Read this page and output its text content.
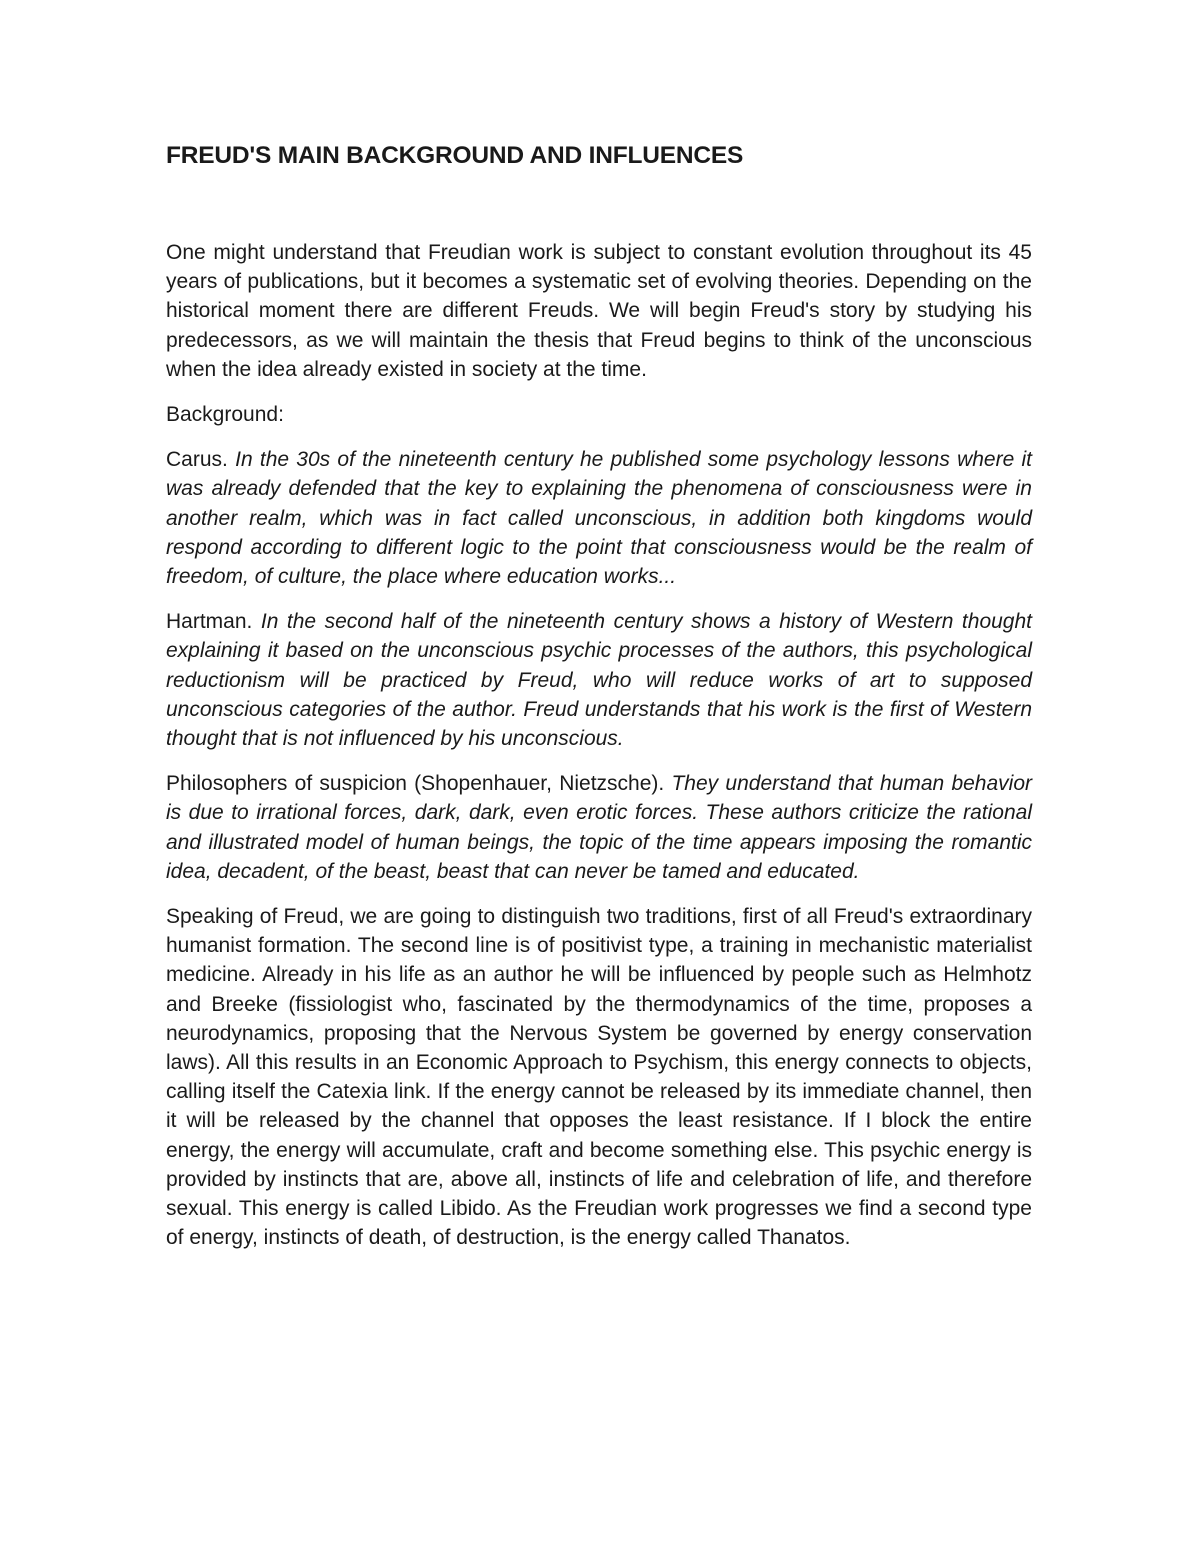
FREUD'S MAIN BACKGROUND AND INFLUENCES

One might understand that Freudian work is subject to constant evolution throughout its 45 years of publications, but it becomes a systematic set of evolving theories. Depending on the historical moment there are different Freuds. We will begin Freud's story by studying his predecessors, as we will maintain the thesis that Freud begins to think of the unconscious when the idea already existed in society at the time.

Background:

Carus. In the 30s of the nineteenth century he published some psychology lessons where it was already defended that the key to explaining the phenomena of consciousness were in another realm, which was in fact called unconscious, in addition both kingdoms would respond according to different logic to the point that consciousness would be the realm of freedom, of culture, the place where education works...

Hartman. In the second half of the nineteenth century shows a history of Western thought explaining it based on the unconscious psychic processes of the authors, this psychological reductionism will be practiced by Freud, who will reduce works of art to supposed unconscious categories of the author. Freud understands that his work is the first of Western thought that is not influenced by his unconscious.

Philosophers of suspicion (Shopenhauer, Nietzsche). They understand that human behavior is due to irrational forces, dark, dark, even erotic forces. These authors criticize the rational and illustrated model of human beings, the topic of the time appears imposing the romantic idea, decadent, of the beast, beast that can never be tamed and educated.

Speaking of Freud, we are going to distinguish two traditions, first of all Freud's extraordinary humanist formation. The second line is of positivist type, a training in mechanistic materialist medicine. Already in his life as an author he will be influenced by people such as Helmhotz and Breeke (fissiologist who, fascinated by the thermodynamics of the time, proposes a neurodynamics, proposing that the Nervous System be governed by energy conservation laws). All this results in an Economic Approach to Psychism, this energy connects to objects, calling itself the Catexia link. If the energy cannot be released by its immediate channel, then it will be released by the channel that opposes the least resistance. If I block the entire energy, the energy will accumulate, craft and become something else. This psychic energy is provided by instincts that are, above all, instincts of life and celebration of life, and therefore sexual. This energy is called Libido. As the Freudian work progresses we find a second type of energy, instincts of death, of destruction, is the energy called Thanatos.
